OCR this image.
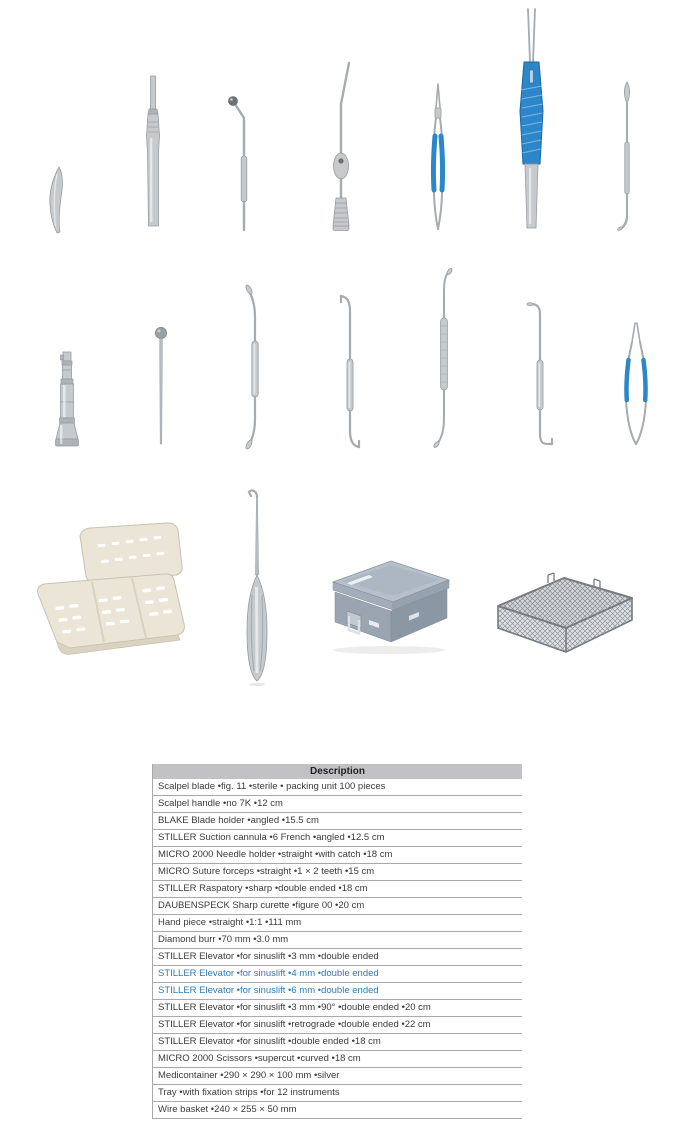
Description
Scalpel blade •fig. 11 •sterile • packing unit 100 pieces
Scalpel handle •no 7K •12 cm
BLAKE Blade holder •angled •15.5 cm
STILLER Suction cannula •6 French •angled •12.5 cm
MICRO 2000 Needle holder •straight •with catch •18 cm
MICRO Suture forceps •straight •1 × 2 teeth •15 cm
STILLER Raspatory •sharp •double ended •18 cm
DAUBENSPECK Sharp curette •figure 00 •20 cm
Hand piece •straight •1:1 •111 mm
Diamond burr •70 mm •3.0 mm
STILLER Elevator •for sinuslift •3 mm •double ended
STILLER Elevator •for sinuslift •4 mm •double ended
STILLER Elevator •for sinuslift •6 mm •double ended
STILLER Elevator •for sinuslift •3 mm •90° •double ended •20 cm
STILLER Elevator •for sinuslift •retrograde •double ended •22 cm
STILLER Elevator •for sinuslift •double ended •18 cm
MICRO 2000 Scissors •supercut •curved •18 cm
Medicontainer •290 × 290 × 100 mm •silver
Tray •with fixation strips •for 12 instruments
Wire basket •240 × 255 × 50 mm
